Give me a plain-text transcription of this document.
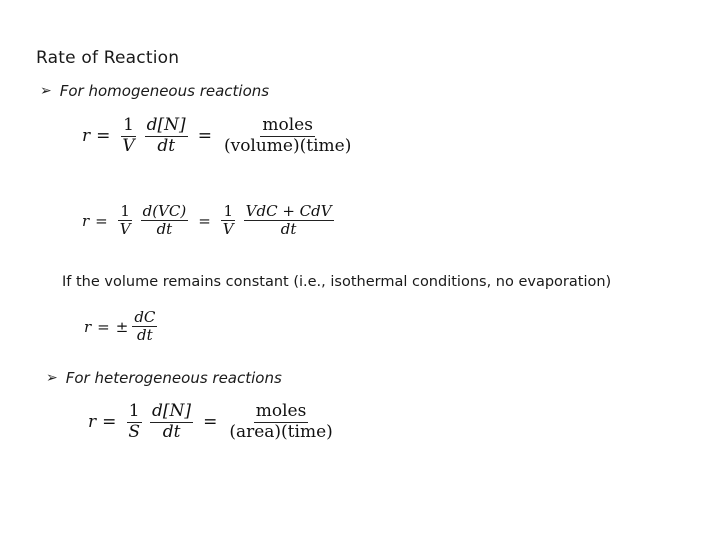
Rate of Reaction
➢ For homogeneous reactions
$r = \frac{1}{V} \frac{d[N]}{dt} = \frac{\text{moles}}{\text{(volume)(time)}}$
$r = \frac{1}{V} \frac{d(VC)}{dt} = \frac{1}{V} \frac{\text{VdC + CdV}}{dt}$
If the volume remains constant (i.e., isothermal conditions, no evaporation)
r = ± $\frac{dC}{dt}$
➢ For heterogeneous reactions
$r = \frac{1}{S} \frac{d[N]}{dt} = \frac{\text{moles}}{\text{(area)(time)}}$
